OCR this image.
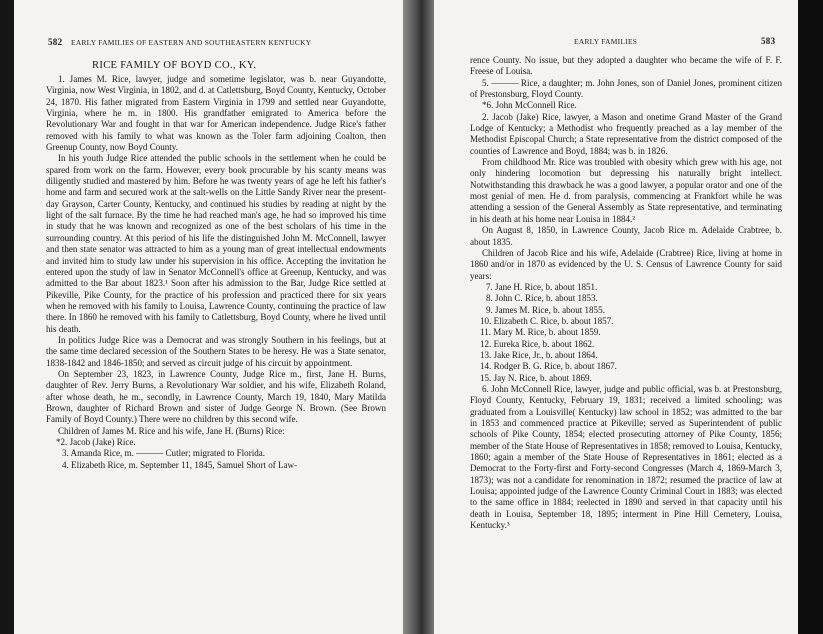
582 EARLY FAMILIES OF EASTERN AND SOUTHEASTERN KENTUCKY
RICE FAMILY OF BOYD CO., KY.

1. James M. Rice, lawyer, judge and sometime legislator, was b. near Guyandotte, Virginia, now West Virginia, in 1802, and d. at Catlettsburg, Boyd County, Kentucky, October 24, 1870. His father migrated from Eastern Virginia in 1799 and settled near Guyandotte, Virginia, where he m. in 1800. His grandfather emigrated to America before the Revolutionary War and fought in that war for American independence. Judge Rice's father removed with his family to what was known as the Toler farm adjoining Coalton, then Greenup County, now Boyd County.

In his youth Judge Rice attended the public schools in the settlement when he could be spared from work on the farm. However, every book procurable by his scanty means was diligently studied and mastered by him. Before he was twenty years of age he left his father's home and farm and secured work at the salt-wells on the Little Sandy River near the present-day Grayson, Carter County, Kentucky, and continued his studies by reading at night by the light of the salt furnace. By the time he had reached man's age, he had so improved his time in study that he was known and recognized as one of the best scholars of his time in the surrounding country. At this period of his life the distinguished John M. McConnell, lawyer and then state senator was attracted to him as a young man of great intellectual endowments and invited him to study law under his supervision in his office. Accepting the invitation he entered upon the study of law in Senator McConnell's office at Greenup, Kentucky, and was admitted to the Bar about 1823.¹ Soon after his admission to the Bar, Judge Rice settled at Pikeville, Pike County, for the practice of his profession and practiced there for six years when he removed with his family to Louisa, Lawrence County, continuing the practice of law there. In 1860 he removed with his family to Catlettsburg, Boyd County, where he lived until his death.

In politics Judge Rice was a Democrat and was strongly Southern in his feelings, but at the same time declared secession of the Southern States to be heresy. He was a State senator, 1838-1842 and 1846-1850; and served as circuit judge of his circuit by appointment.

On September 23, 1823, in Lawrence County, Judge Rice m., first, Jane H. Burns, daughter of Rev. Jerry Burns, a Revolutionary War soldier, and his wife, Elizabeth Roland, after whose death, he m., secondly, in Lawrence County, March 19, 1840, Mary Matilda Brown, daughter of Richard Brown and sister of Judge George N. Brown. (See Brown Family of Boyd County.) There were no children by this second wife.

Children of James M. Rice and his wife, Jane H. (Burns) Rice:

*2. Jacob (Jake) Rice.

3. Amanda Rice, m. ——— Cutler; migrated to Florida.

4. Elizabeth Rice, m. September 11, 1845, Samuel Short of Law-

EARLY FAMILIES	583

rence County. No issue, but they adopted a daughter who became the wife of F. F. Freese of Louisa.

5. ——— Rice, a daughter; m. John Jones, son of Daniel Jones, prominent citizen of Prestonsburg, Floyd County.

*6. John McConnell Rice.

2. Jacob (Jake) Rice, lawyer, a Mason and onetime Grand Master of the Grand Lodge of Kentucky; a Methodist who frequently preached as a lay member of the Methodist Episcopal Church; a State representative from the district composed of the counties of Lawrence and Boyd, 1884; was b. in 1826.

From childhood Mr. Rice was troubled with obesity which grew with his age, not only hindering locomotion but depressing his naturally bright intellect. Notwithstanding this drawback he was a good lawyer, a popular orator and one of the most genial of men. He d. from paralysis, commencing at Frankfort while he was attending a session of the General Assembly as State representative, and terminating in his death at his home near Louisa in 1884.²

On August 8, 1850, in Lawrence County, Jacob Rice m. Adelaide Crabtree, b. about 1835.

Children of Jacob Rice and his wife, Adelaide (Crabtree) Rice, living at home in 1860 and/or in 1870 as evidenced by the U. S. Census of Lawrence County for said years:

7. Jane H. Rice, b. about 1851.

8. John C. Rice, b. about 1853.

9. James M. Rice, b. about 1855.

10. Elizabeth C. Rice, b. about 1857.

11. Mary M. Rice, b. about 1859.

12. Eureka Rice, b. about 1862.

13. Jake Rice, Jr., b. about 1864.

14. Rodger B. G. Rice, b. about 1867.

15. Jay N. Rice, b. about 1869.

6. John McConnell Rice, lawyer, judge and public official, was b. at Prestonsburg, Floyd County, Kentucky, February 19, 1831; received a limited schooling; was graduated from a Louisville( Kentucky) law school in 1852; was admitted to the bar in 1853 and commenced practice at Pikeville; served as Superintendent of public schools of Pike County, 1854; elected prosecuting attorney of Pike County, 1856; member of the State House of Representatives in 1858; removed to Louisa, Kentucky, 1860; again a member of the State House of Representatives in 1861; elected as a Democrat to the Forty-first and Forty-second Congresses (March 4, 1869-March 3, 1873); was not a candidate for renomination in 1872; resumed the practice of law at Louisa; appointed judge of the Lawrence County Criminal Court in 1883; was elected to the same office in 1884; reelected in 1890 and served in that capacity until his death in Louisa, September 18, 1895; interment in Pine Hill Cemetery, Louisa, Kentucky.³
